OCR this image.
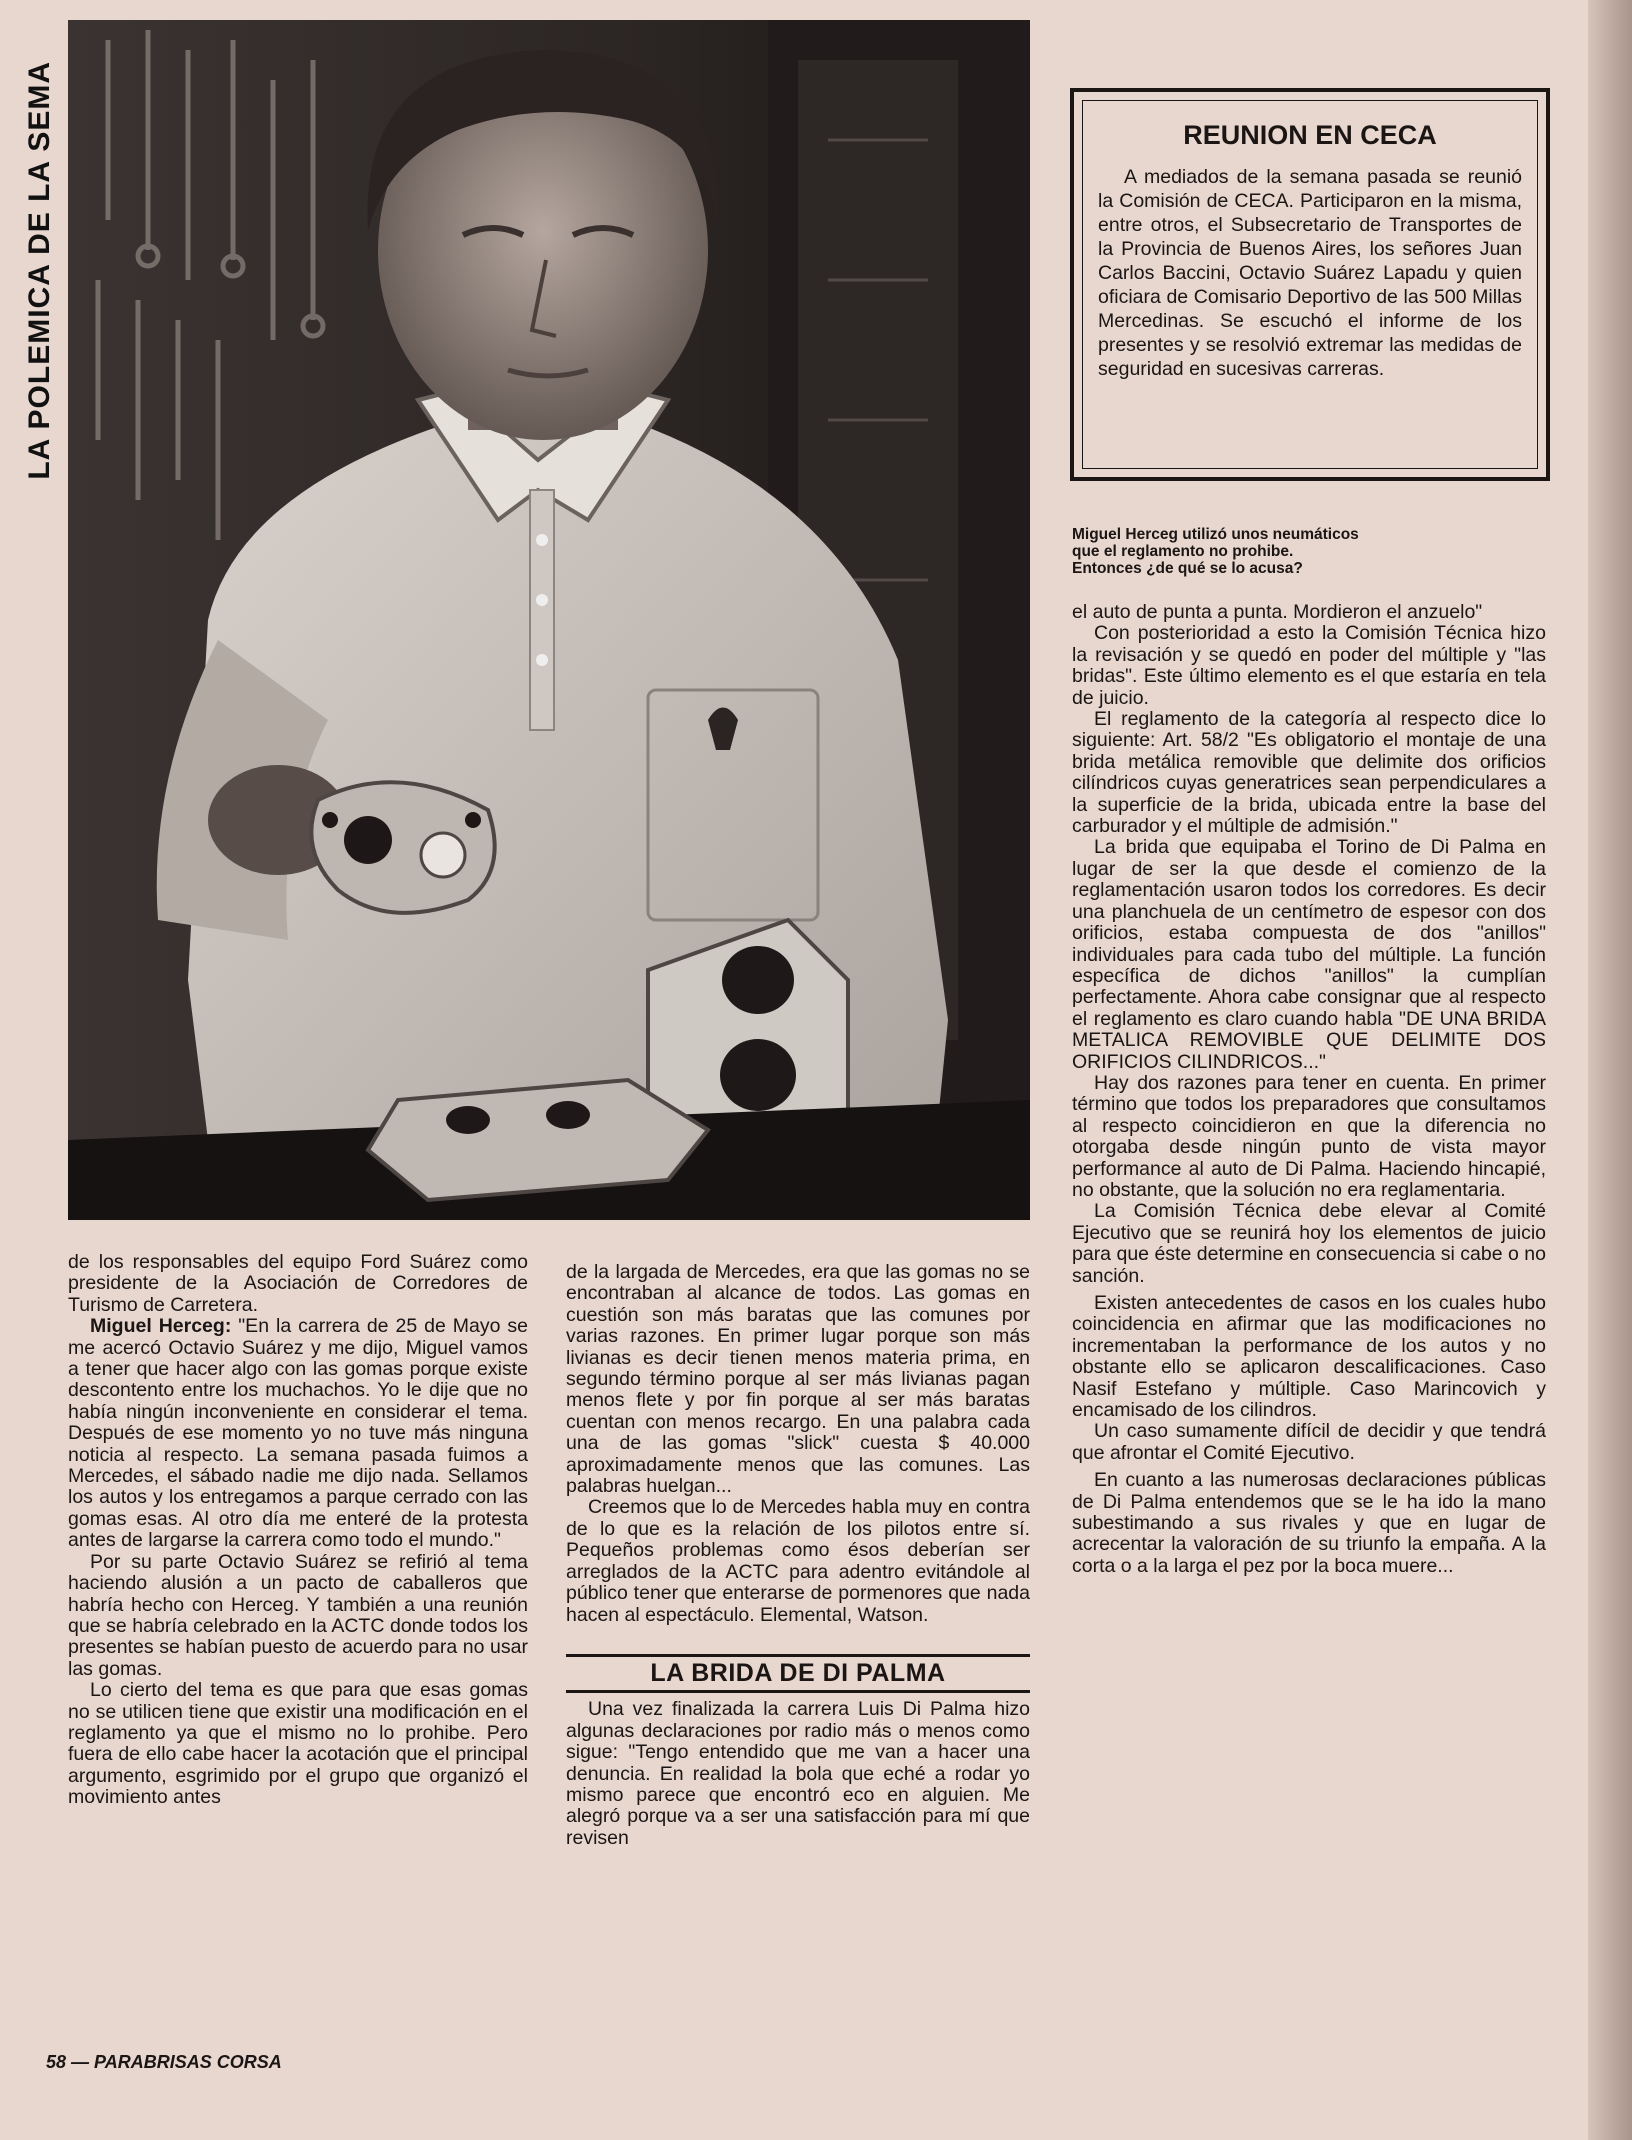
LA POLEMICA DE LA SEMA	REUNION EN CECA

A mediados de la semana pasada se reunió la Comisión de CECA. Participaron en la misma, entre otros, el Subsecretario de Transportes de la Provincia de Buenos Aires, los señores Juan Carlos Baccini, Octavio Suárez Lapadu y quien oficiara de Comisario Deportivo de las 500 Millas Mercedinas. Se escuchó el informe de los presentes y se resolvió extremar las medidas de seguridad en sucesivas carreras.

Miguel Herceg utilizó unos neumáticos
que el reglamento no prohibe.
Entonces ¿de qué se lo acusa?

de los responsables del equipo Ford Suárez como presidente de la Asociación de Corredores de Turismo de Carretera.

Miguel Herceg: "En la carrera de 25 de Mayo se me acercó Octavio Suárez y me dijo, Miguel vamos a tener que hacer algo con las gomas porque existe descontento entre los muchachos. Yo le dije que no había ningún inconveniente en considerar el tema. Después de ese momento yo no tuve más ninguna noticia al respecto. La semana pasada fuimos a Mercedes, el sábado nadie me dijo nada. Sellamos los autos y los entregamos a parque cerrado con las gomas esas. Al otro día me enteré de la protesta antes de largarse la carrera como todo el mundo."

Por su parte Octavio Suárez se refirió al tema haciendo alusión a un pacto de caballeros que habría hecho con Herceg. Y también a una reunión que se habría celebrado en la ACTC donde todos los presentes se habían puesto de acuerdo para no usar las gomas.

Lo cierto del tema es que para que esas gomas no se utilicen tiene que existir una modificación en el reglamento ya que el mismo no lo prohibe. Pero fuera de ello cabe hacer la acotación que el principal argumento, esgrimido por el grupo que organizó el movimiento antes

de la largada de Mercedes, era que las gomas no se encontraban al alcance de todos. Las gomas en cuestión son más baratas que las comunes por varias razones. En primer lugar porque son más livianas es decir tienen menos materia prima, en segundo término porque al ser más livianas pagan menos flete y por fin porque al ser más baratas cuentan con menos recargo. En una palabra cada una de las gomas "slick" cuesta $ 40.000 aproximadamente menos que las comunes. Las palabras huelgan...

Creemos que lo de Mercedes habla muy en contra de lo que es la relación de los pilotos entre sí. Pequeños problemas como ésos deberían ser arreglados de la ACTC para adentro evitándole al público tener que enterarse de pormenores que nada hacen al espectáculo. Elemental, Watson.

LA BRIDA DE DI PALMA

Una vez finalizada la carrera Luis Di Palma hizo algunas declaraciones por radio más o menos como sigue: "Tengo entendido que me van a hacer una denuncia. En realidad la bola que eché a rodar yo mismo parece que encontró eco en alguien. Me alegró porque va a ser una satisfacción para mí que revisen

el auto de punta a punta. Mordieron el anzuelo"

Con posterioridad a esto la Comisión Técnica hizo la revisación y se quedó en poder del múltiple y "las bridas". Este último elemento es el que estaría en tela de juicio.

El reglamento de la categoría al respecto dice lo siguiente: Art. 58/2 "Es obligatorio el montaje de una brida metálica removible que delimite dos orificios cilíndricos cuyas generatrices sean perpendiculares a la superficie de la brida, ubicada entre la base del carburador y el múltiple de admisión."

La brida que equipaba el Torino de Di Palma en lugar de ser la que desde el comienzo de la reglamentación usaron todos los corredores. Es decir una planchuela de un centímetro de espesor con dos orificios, estaba compuesta de dos "anillos" individuales para cada tubo del múltiple. La función específica de dichos "anillos" la cumplían perfectamente. Ahora cabe consignar que al respecto el reglamento es claro cuando habla "DE UNA BRIDA METALICA REMOVIBLE QUE DELIMITE DOS ORIFICIOS CILINDRICOS..."

Hay dos razones para tener en cuenta. En primer término que todos los preparadores que consultamos al respecto coincidieron en que la diferencia no otorgaba desde ningún punto de vista mayor performance al auto de Di Palma. Haciendo hincapié, no obstante, que la solución no era reglamentaria.

La Comisión Técnica debe elevar al Comité Ejecutivo que se reunirá hoy los elementos de juicio para que éste determine en consecuencia si cabe o no sanción.

Existen antecedentes de casos en los cuales hubo coincidencia en afirmar que las modificaciones no incrementaban la performance de los autos y no obstante ello se aplicaron descalificaciones. Caso Nasif Estefano y múltiple. Caso Marincovich y encamisado de los cilindros.

Un caso sumamente difícil de decidir y que tendrá que afrontar el Comité Ejecutivo.

En cuanto a las numerosas declaraciones públicas de Di Palma entendemos que se le ha ido la mano subestimando a sus rivales y que en lugar de acrecentar la valoración de su triunfo la empaña. A la corta o a la larga el pez por la boca muere...

58 — PARABRISAS CORSA
